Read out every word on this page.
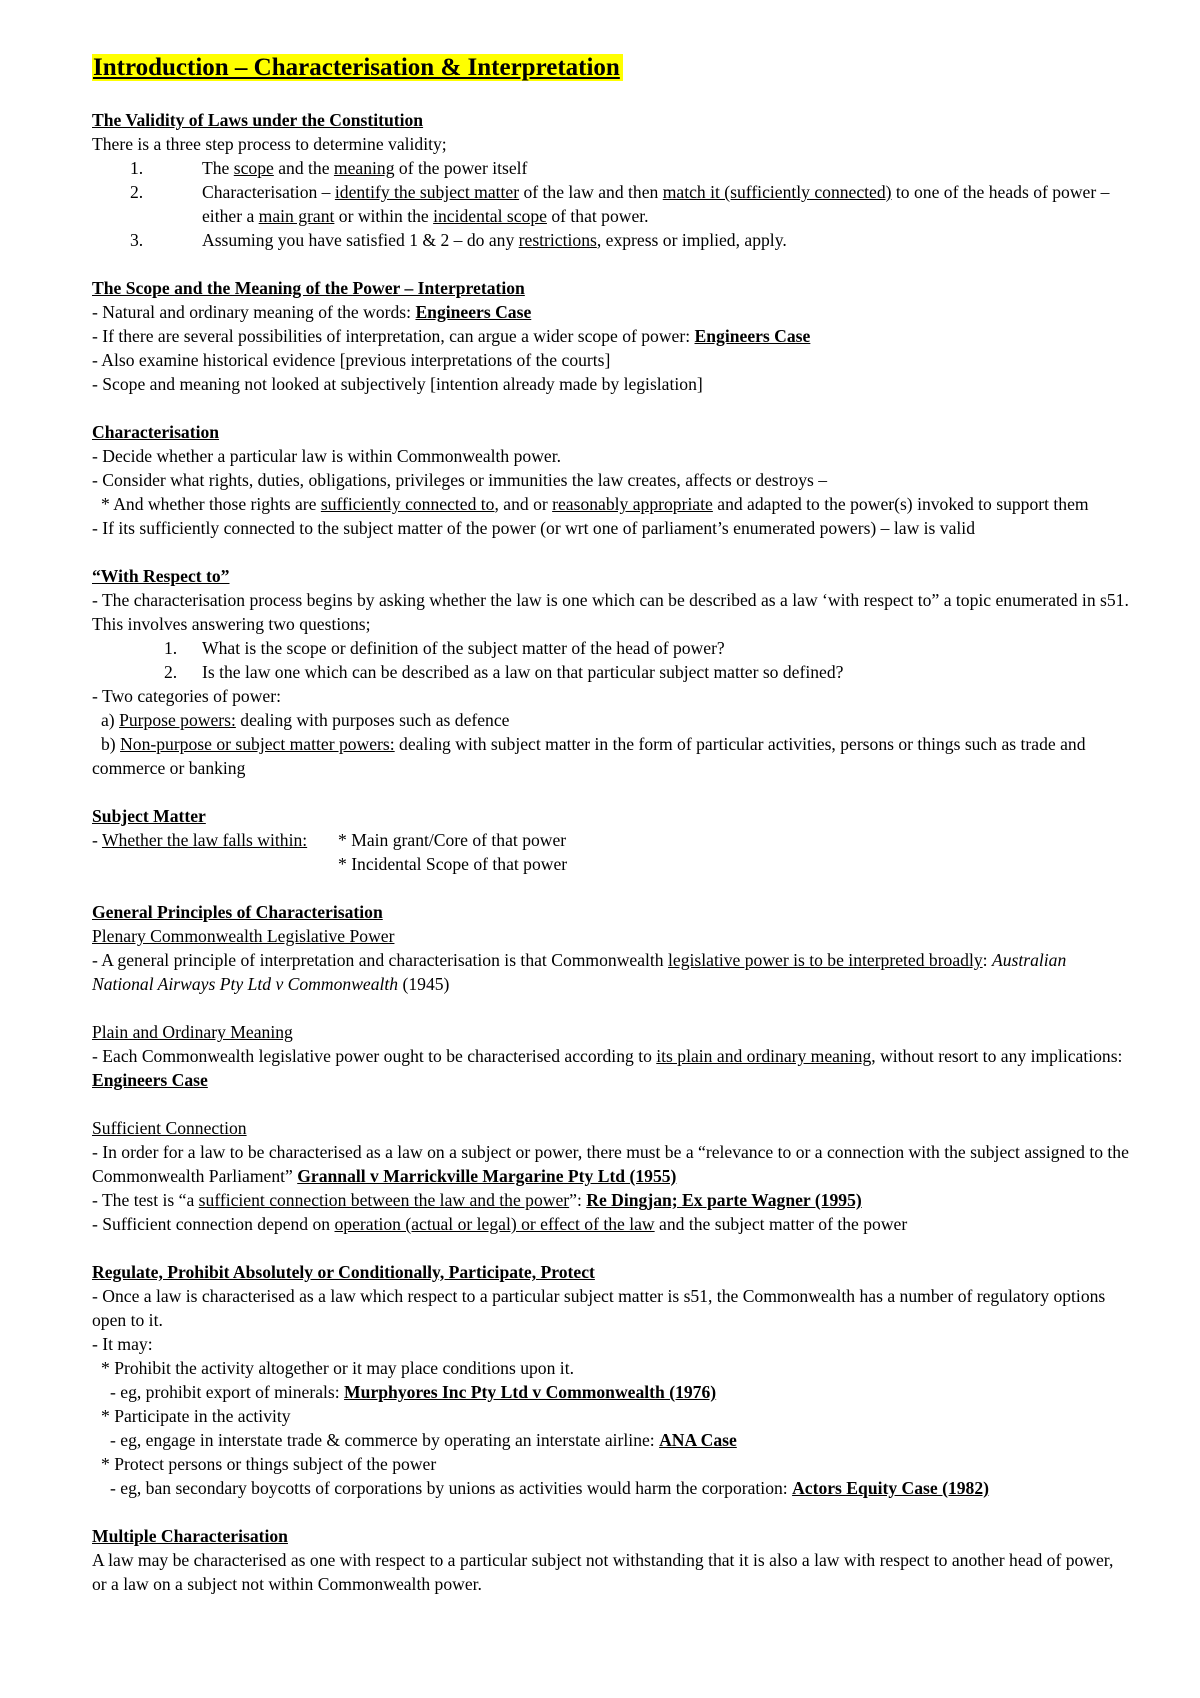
Introduction – Characterisation & Interpretation

The Validity of Laws under the Constitution

There is a three step process to determine validity;

1.	The scope and the meaning of the power itself
2.	Characterisation – identify the subject matter of the law and then match it (sufficiently connected) to one of the heads of power – either a main grant or within the incidental scope of that power.
3.	Assuming you have satisfied 1 & 2 – do any restrictions, express or implied, apply.

The Scope and the Meaning of the Power – Interpretation

- Natural and ordinary meaning of the words: Engineers Case

- If there are several possibilities of interpretation, can argue a wider scope of power: Engineers Case

- Also examine historical evidence [previous interpretations of the courts]

- Scope and meaning not looked at subjectively [intention already made by legislation]

Characterisation

- Decide whether a particular law is within Commonwealth power.

- Consider what rights, duties, obligations, privileges or immunities the law creates, affects or destroys –

* And whether those rights are sufficiently connected to, and or reasonably appropriate and adapted to the power(s) invoked to support them

- If its sufficiently connected to the subject matter of the power (or wrt one of parliament’s enumerated powers) – law is valid

“With Respect to”

- The characterisation process begins by asking whether the law is one which can be described as a law ‘with respect to” a topic enumerated in s51. This involves answering two questions;

1. What is the scope or definition of the subject matter of the head of power?
2. Is the law one which can be described as a law on that particular subject matter so defined?

- Two categories of power:

a) Purpose powers: dealing with purposes such as defence

b) Non-purpose or subject matter powers: dealing with subject matter in the form of particular activities, persons or things such as trade and commerce or banking

Subject Matter

- Whether the law falls within:	* Main grant/Core of that power
* Incidental Scope of that power

General Principles of Characterisation

Plenary Commonwealth Legislative Power

- A general principle of interpretation and characterisation is that Commonwealth legislative power is to be interpreted broadly: Australian National Airways Pty Ltd v Commonwealth (1945)

Plain and Ordinary Meaning

- Each Commonwealth legislative power ought to be characterised according to its plain and ordinary meaning, without resort to any implications: Engineers Case

Sufficient Connection

- In order for a law to be characterised as a law on a subject or power, there must be a “relevance to or a connection with the subject assigned to the Commonwealth Parliament” Grannall v Marrickville Margarine Pty Ltd (1955)

- The test is “a sufficient connection between the law and the power”: Re Dingjan; Ex parte Wagner (1995)

- Sufficient connection depend on operation (actual or legal) or effect of the law and the subject matter of the power

Regulate, Prohibit Absolutely or Conditionally, Participate, Protect

- Once a law is characterised as a law which respect to a particular subject matter is s51, the Commonwealth has a number of regulatory options open to it.

- It may:

* Prohibit the activity altogether or it may place conditions upon it.

- eg, prohibit export of minerals: Murphyores Inc Pty Ltd v Commonwealth (1976)

* Participate in the activity

- eg, engage in interstate trade & commerce by operating an interstate airline: ANA Case

* Protect persons or things subject of the power

- eg, ban secondary boycotts of corporations by unions as activities would harm the corporation: Actors Equity Case (1982)

Multiple Characterisation

A law may be characterised as one with respect to a particular subject not withstanding that it is also a law with respect to another head of power, or a law on a subject not within Commonwealth power.
